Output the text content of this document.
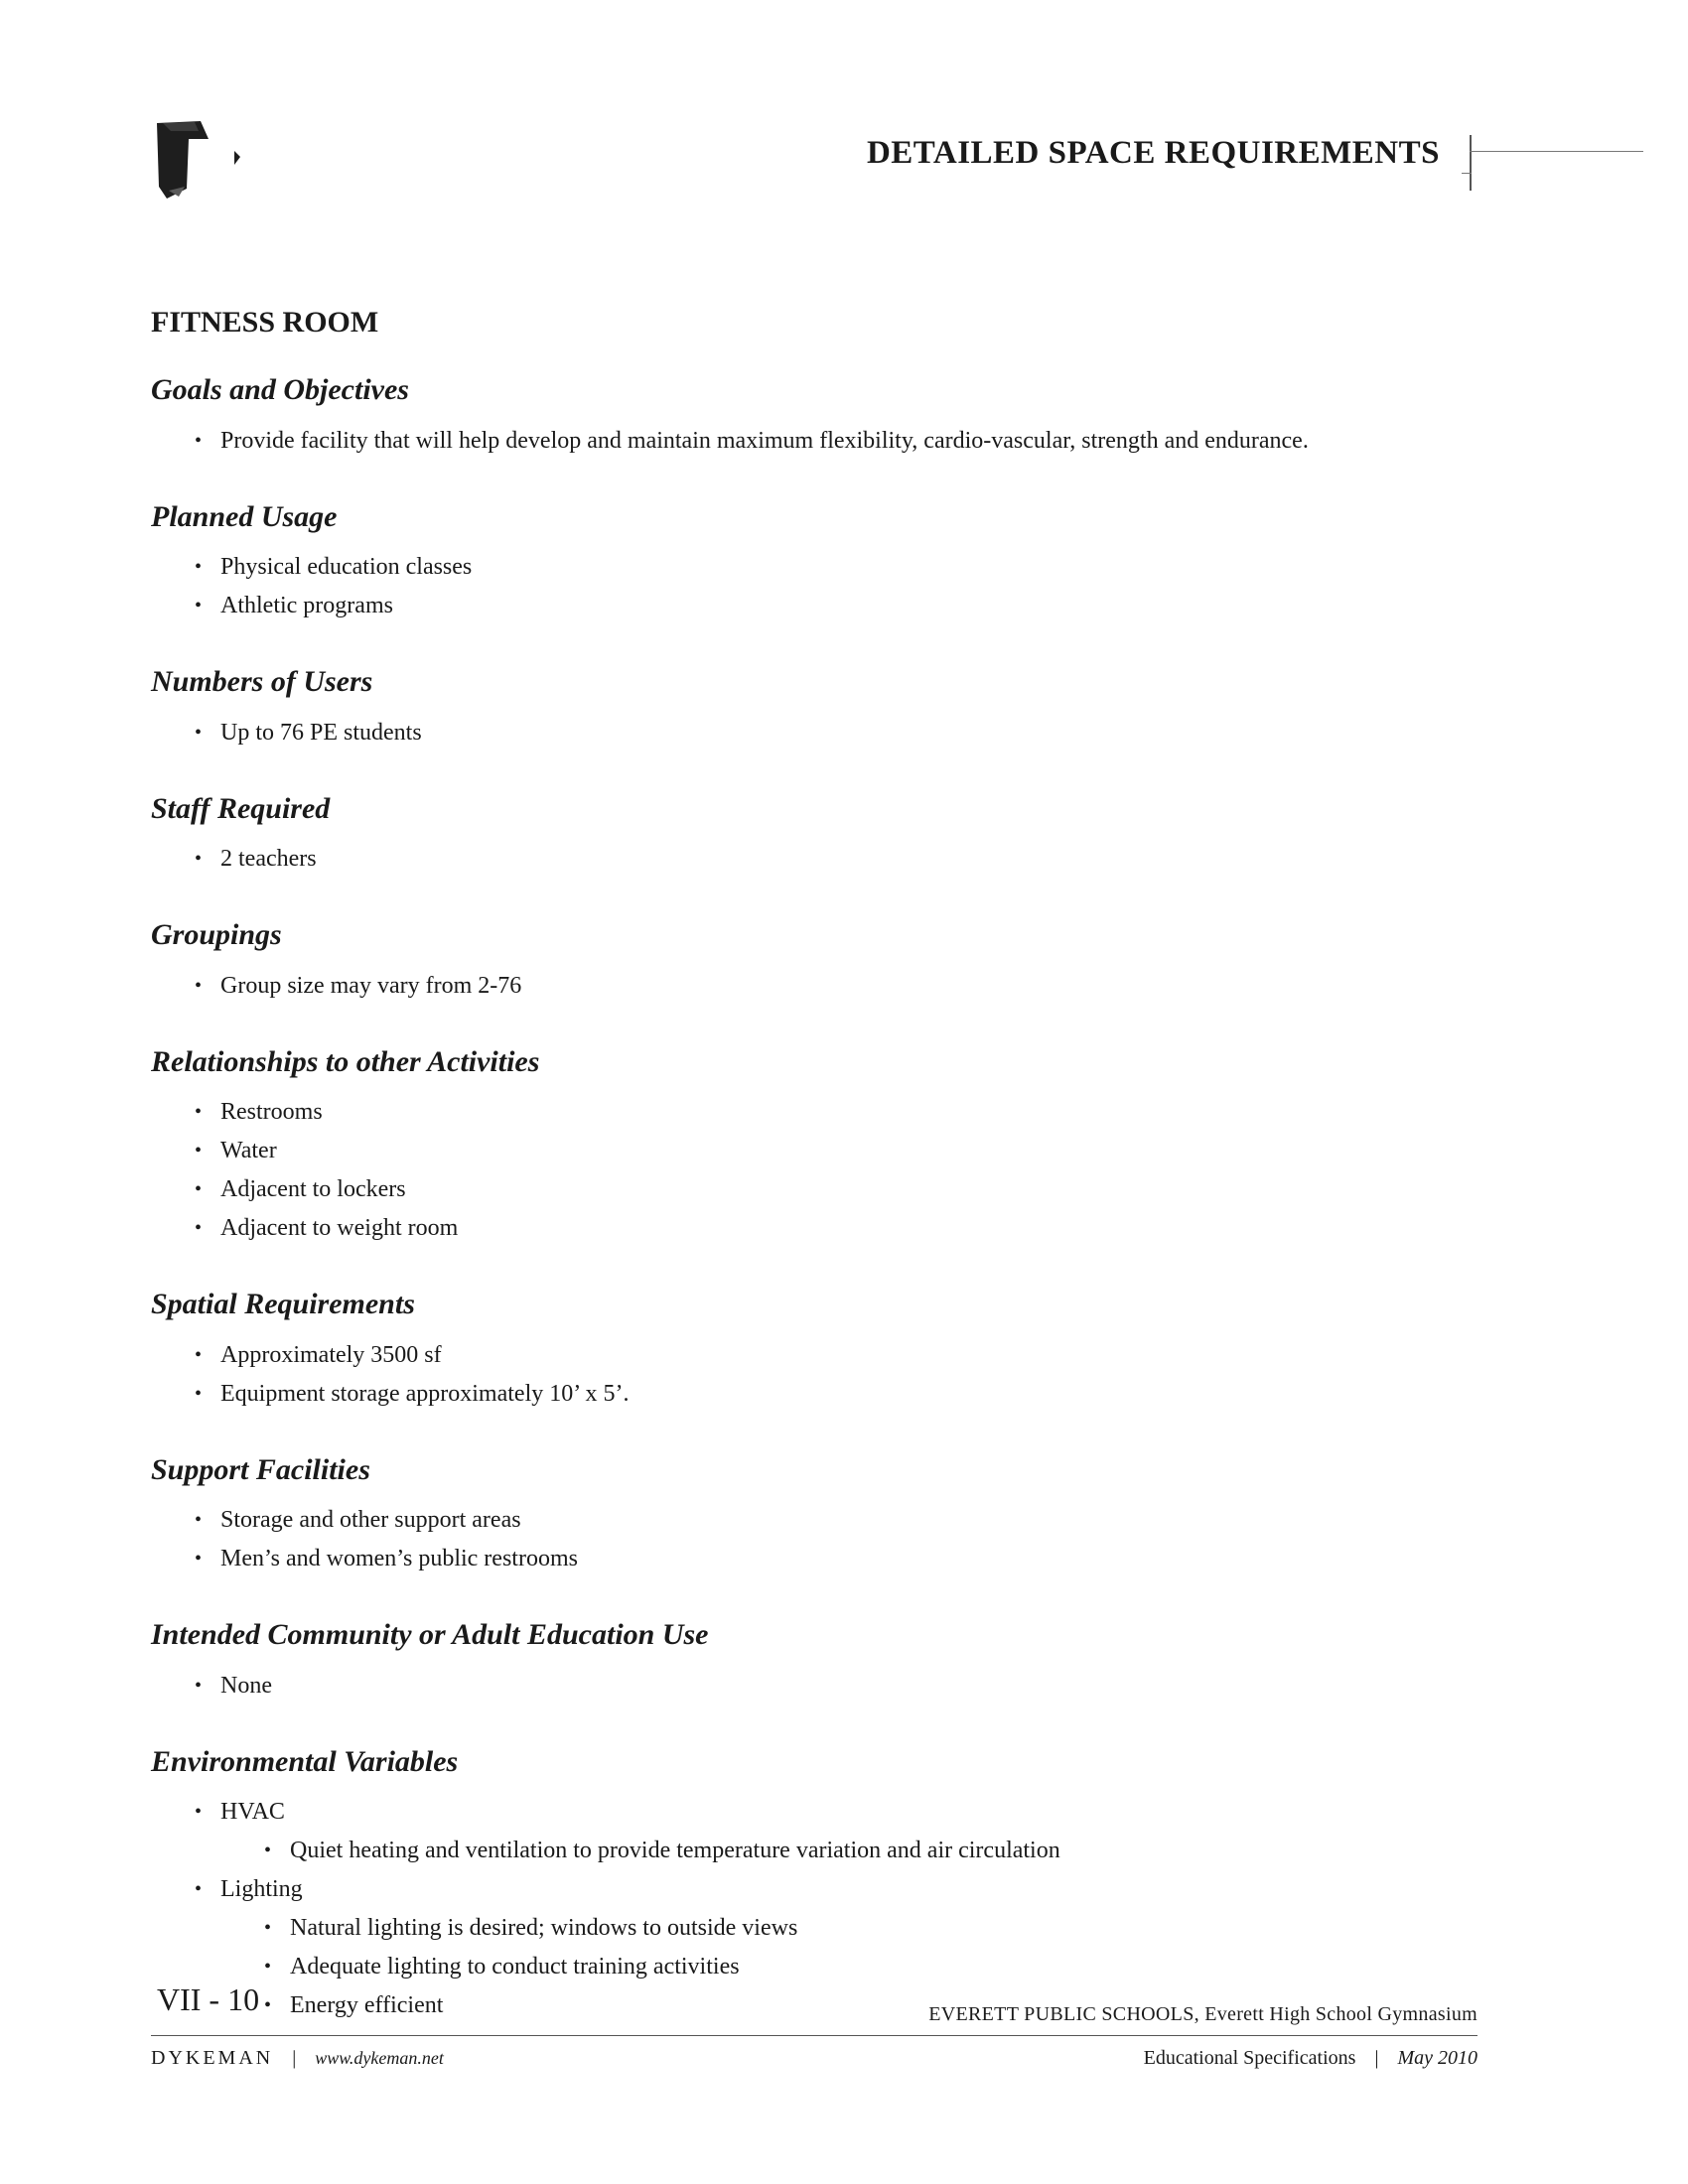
DETAILED SPACE REQUIREMENTS
FITNESS ROOM
Goals and Objectives
• Provide facility that will help develop and maintain maximum flexibility, cardio-vascular, strength and endurance.
Planned Usage
• Physical education classes
• Athletic programs
Numbers of Users
• Up to 76 PE students
Staff Required
• 2 teachers
Groupings
• Group size may vary from 2-76
Relationships to other Activities
• Restrooms
• Water
• Adjacent to lockers
• Adjacent to weight room
Spatial Requirements
• Approximately 3500 sf
• Equipment storage approximately 10’ x 5’.
Support Facilities
• Storage and other support areas
• Men’s and women’s public restrooms
Intended Community or Adult Education Use
• None
Environmental Variables
• HVAC
• Quiet heating and ventilation to provide temperature variation and air circulation
• Lighting
• Natural lighting is desired; windows to outside views
• Adequate lighting to conduct training activities
• Energy efficient
VII - 10	EVERETT PUBLIC SCHOOLS, Everett High School Gymnasium
DYKEMAN | www.dykeman.net	Educational Specifications | May 2010
